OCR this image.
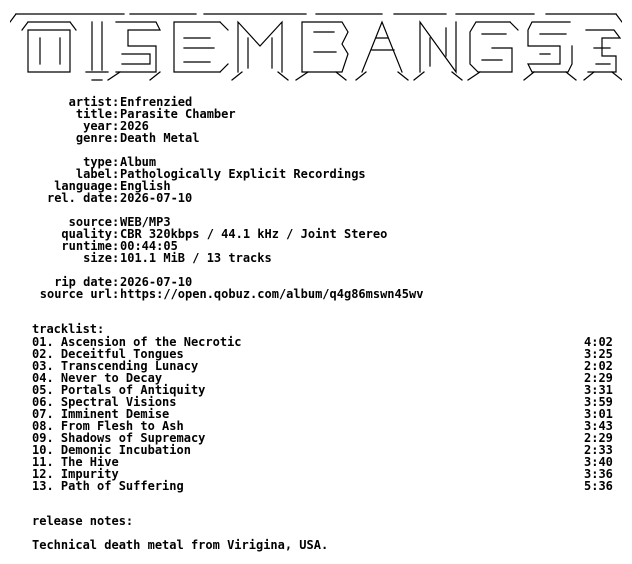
artist : Enfrenzied
title : Parasite Chamber
year : 2026
genre : Death Metal
type : Album
label : Pathologically Explicit Recordings
language : English
rel. date : 2026-07-10
source : WEB/MP3
quality : CBR 320kbps / 44.1 kHz / Joint Stereo
runtime : 00:44:05
size : 101.1 MiB / 13 tracks
rip date : 2026-07-10
source url : https://open.qobuz.com/album/q4g86mswn45wv

tracklist:

01. Ascension of the Necrotic	4:02
02. Deceitful Tongues	3:25
03. Transcending Lunacy	2:02
04. Never to Decay	2:29
05. Portals of Antiquity	3:31
06. Spectral Visions	3:59
07. Imminent Demise	3:01
08. From Flesh to Ash	3:43
09. Shadows of Supremacy	2:29
10. Demonic Incubation	2:33
11. The Hive	3:40
12. Impurity	3:36
13. Path of Suffering	5:36

release notes:

Technical death metal from Virigina, USA.
